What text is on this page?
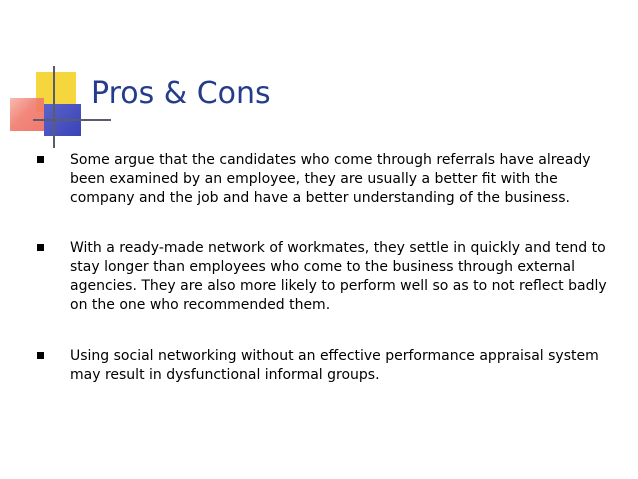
Pros & Cons
Some argue that the candidates who come through referrals have already been examined by an employee, they are usually a better fit with the company and the job and have a better understanding of the business.
With a ready-made network of workmates, they settle in quickly and tend to stay longer than employees who come to the business through external agencies. They are also more likely to perform well so as to not reflect badly on the one who recommended them.
Using social networking without an effective performance appraisal system may result in dysfunctional informal groups.
